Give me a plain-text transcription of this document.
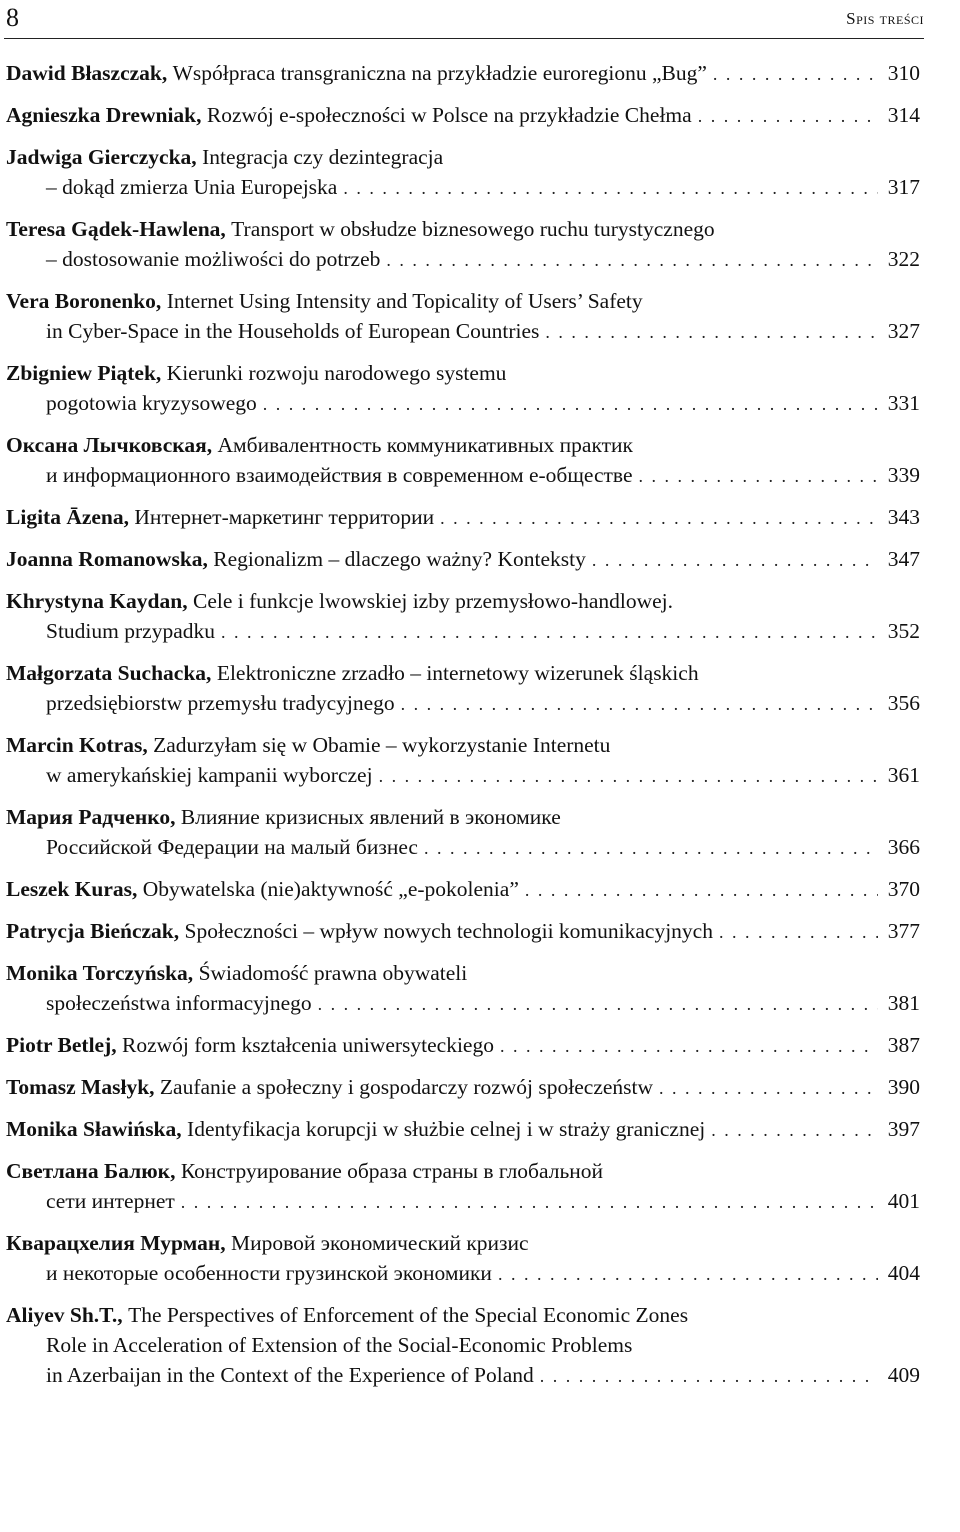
8	Spis treści
Dawid Błaszczak,
Współpraca transgraniczna na przykładzie euroregionu „Bug” . . .	310
Agnieszka Drewniak,
Rozwój e-społeczności w Polsce na przykładzie Chełma . . .	314
Jadwiga Gierczycka,
Integracja czy dezintegracja
– dokąd zmierza Unia Europejska . . .	317
Teresa Gądek-Hawlena,
Transport w obsłudze biznesowego ruchu turystycznego
– dostosowanie możliwości do potrzeb . . .	322
Vera Boronenko,
Internet Using Intensity and Topicality of Users’ Safety
in Cyber-Space in the Households of European Countries . . .	327
Zbigniew Piątek,
Kierunki rozwoju narodowego systemu
pogotowia kryzysowego . . .	331
Оксана Лычковская,
Амбивалентность коммуникативных практик
и информационного взаимодействия в современном е-обществе . . .	339
Ligita Āzena,
Интернет-маркетинг территории . . .	343
Joanna Romanowska,
Regionalizm – dlaczego ważny? Konteksty . . .	347
Khrystyna Kaydan,
Cele i funkcje lwowskiej izby przemysłowo-handlowej.
Studium przypadku . . .	352
Małgorzata Suchacka,
Elektroniczne zrzadło – internetowy wizerunek śląskich
przedsiębiorstw przemysłu tradycyjnego . . .	356
Marcin Kotras,
Zadurzyłam się w Obamie – wykorzystanie Internetu
w amerykańskiej kampanii wyborczej . . .	361
Мария Радченко,
Влияние кризисных явлений в экономике
Российской Федерации на малый бизнес . . .	366
Leszek Kuras,
Obywatelska (nie)aktywność „e-pokolenia” . . .	370
Patrycja Bieńczak,
Społeczności – wpływ nowych technologii komunikacyjnych . . .	377
Monika Torczyńska,
Świadomość prawna obywateli
społeczeństwa informacyjnego . . .	381
Piotr Betlej,
Rozwój form kształcenia uniwersyteckiego . . .	387
Tomasz Masłyk,
Zaufanie a społeczny i gospodarczy rozwój społeczeństw . . .	390
Monika Sławińska,
Identyfikacja korupcji w służbie celnej i w straży granicznej . . .	397
Светлана Балюк,
Конструирование образа страны в глобальной
сети интернет . . .	401
Кварацхелия Мурман,
Мировой экономический кризис
и некоторые особенности грузинской экономики . . .	404
Aliyev Sh.T.,
The Perspectives of Enforcement of the Special Economic Zones
Role in Acceleration of Extension of the Social-Economic Problems
in Azerbaijan in the Context of the Experience of Poland . . .	409
